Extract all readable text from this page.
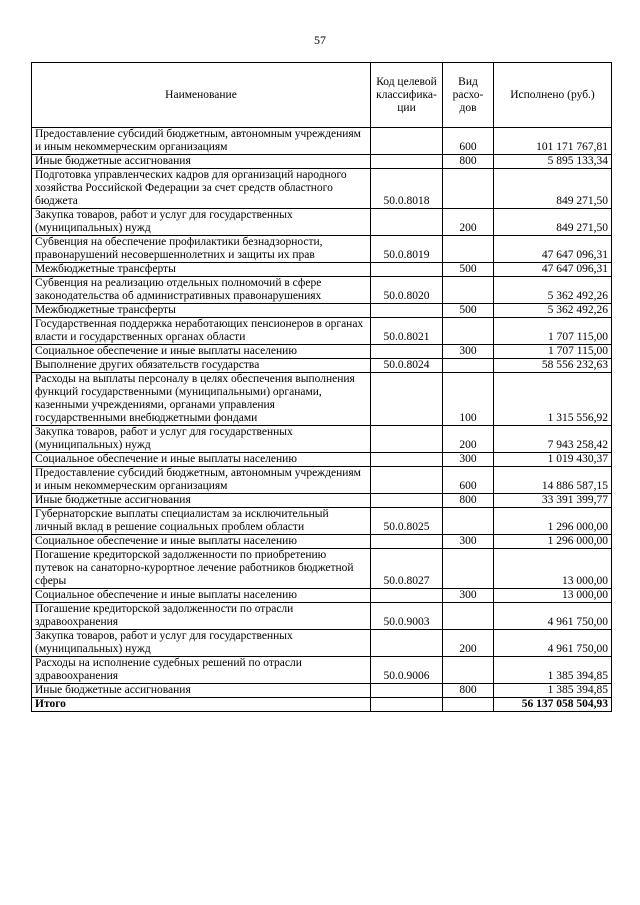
57
Наименование	Код целевой классифика-ции	Вид расхо-дов	Исполнено (руб.)
Предоставление субсидий бюджетным, автономным учреждениям и иным некоммерческим организациям		600	101 171 767,81
Иные бюджетные ассигнования		800	5 895 133,34
Подготовка управленческих кадров для организаций народного хозяйства Российской Федерации за счет средств областного бюджета	50.0.8018		849 271,50
Закупка товаров, работ и услуг для государственных (муниципальных) нужд		200	849 271,50
Субвенция на обеспечение профилактики безнадзорности, правонарушений несовершеннолетних и защиты их прав	50.0.8019		47 647 096,31
Межбюджетные трансферты		500	47 647 096,31
Субвенция на реализацию отдельных полномочий в сфере законодательства об административных правонарушениях	50.0.8020		5 362 492,26
Межбюджетные трансферты		500	5 362 492,26
Государственная поддержка неработающих пенсионеров в органах власти и государственных органах области	50.0.8021		1 707 115,00
Социальное обеспечение и иные выплаты населению		300	1 707 115,00
Выполнение других обязательств государства	50.0.8024		58 556 232,63
Расходы на выплаты персоналу в целях обеспечения выполнения функций государственными (муниципальными) органами, казенными учреждениями, органами управления государственными внебюджетными фондами		100	1 315 556,92
Закупка товаров, работ и услуг для государственных (муниципальных) нужд		200	7 943 258,42
Социальное обеспечение и иные выплаты населению		300	1 019 430,37
Предоставление субсидий бюджетным, автономным учреждениям и иным некоммерческим организациям		600	14 886 587,15
Иные бюджетные ассигнования		800	33 391 399,77
Губернаторские выплаты специалистам за исключительный личный вклад в решение социальных проблем области	50.0.8025		1 296 000,00
Социальное обеспечение и иные выплаты населению		300	1 296 000,00
Погашение кредиторской задолженности по приобретению путевок на санаторно-курортное лечение работников бюджетной сферы	50.0.8027		13 000,00
Социальное обеспечение и иные выплаты населению		300	13 000,00
Погашение кредиторской задолженности по отрасли здравоохранения	50.0.9003		4 961 750,00
Закупка товаров, работ и услуг для государственных (муниципальных) нужд		200	4 961 750,00
Расходы на исполнение судебных решений по отрасли здравоохранения	50.0.9006		1 385 394,85
Иные бюджетные ассигнования		800	1 385 394,85
Итого			56 137 058 504,93
